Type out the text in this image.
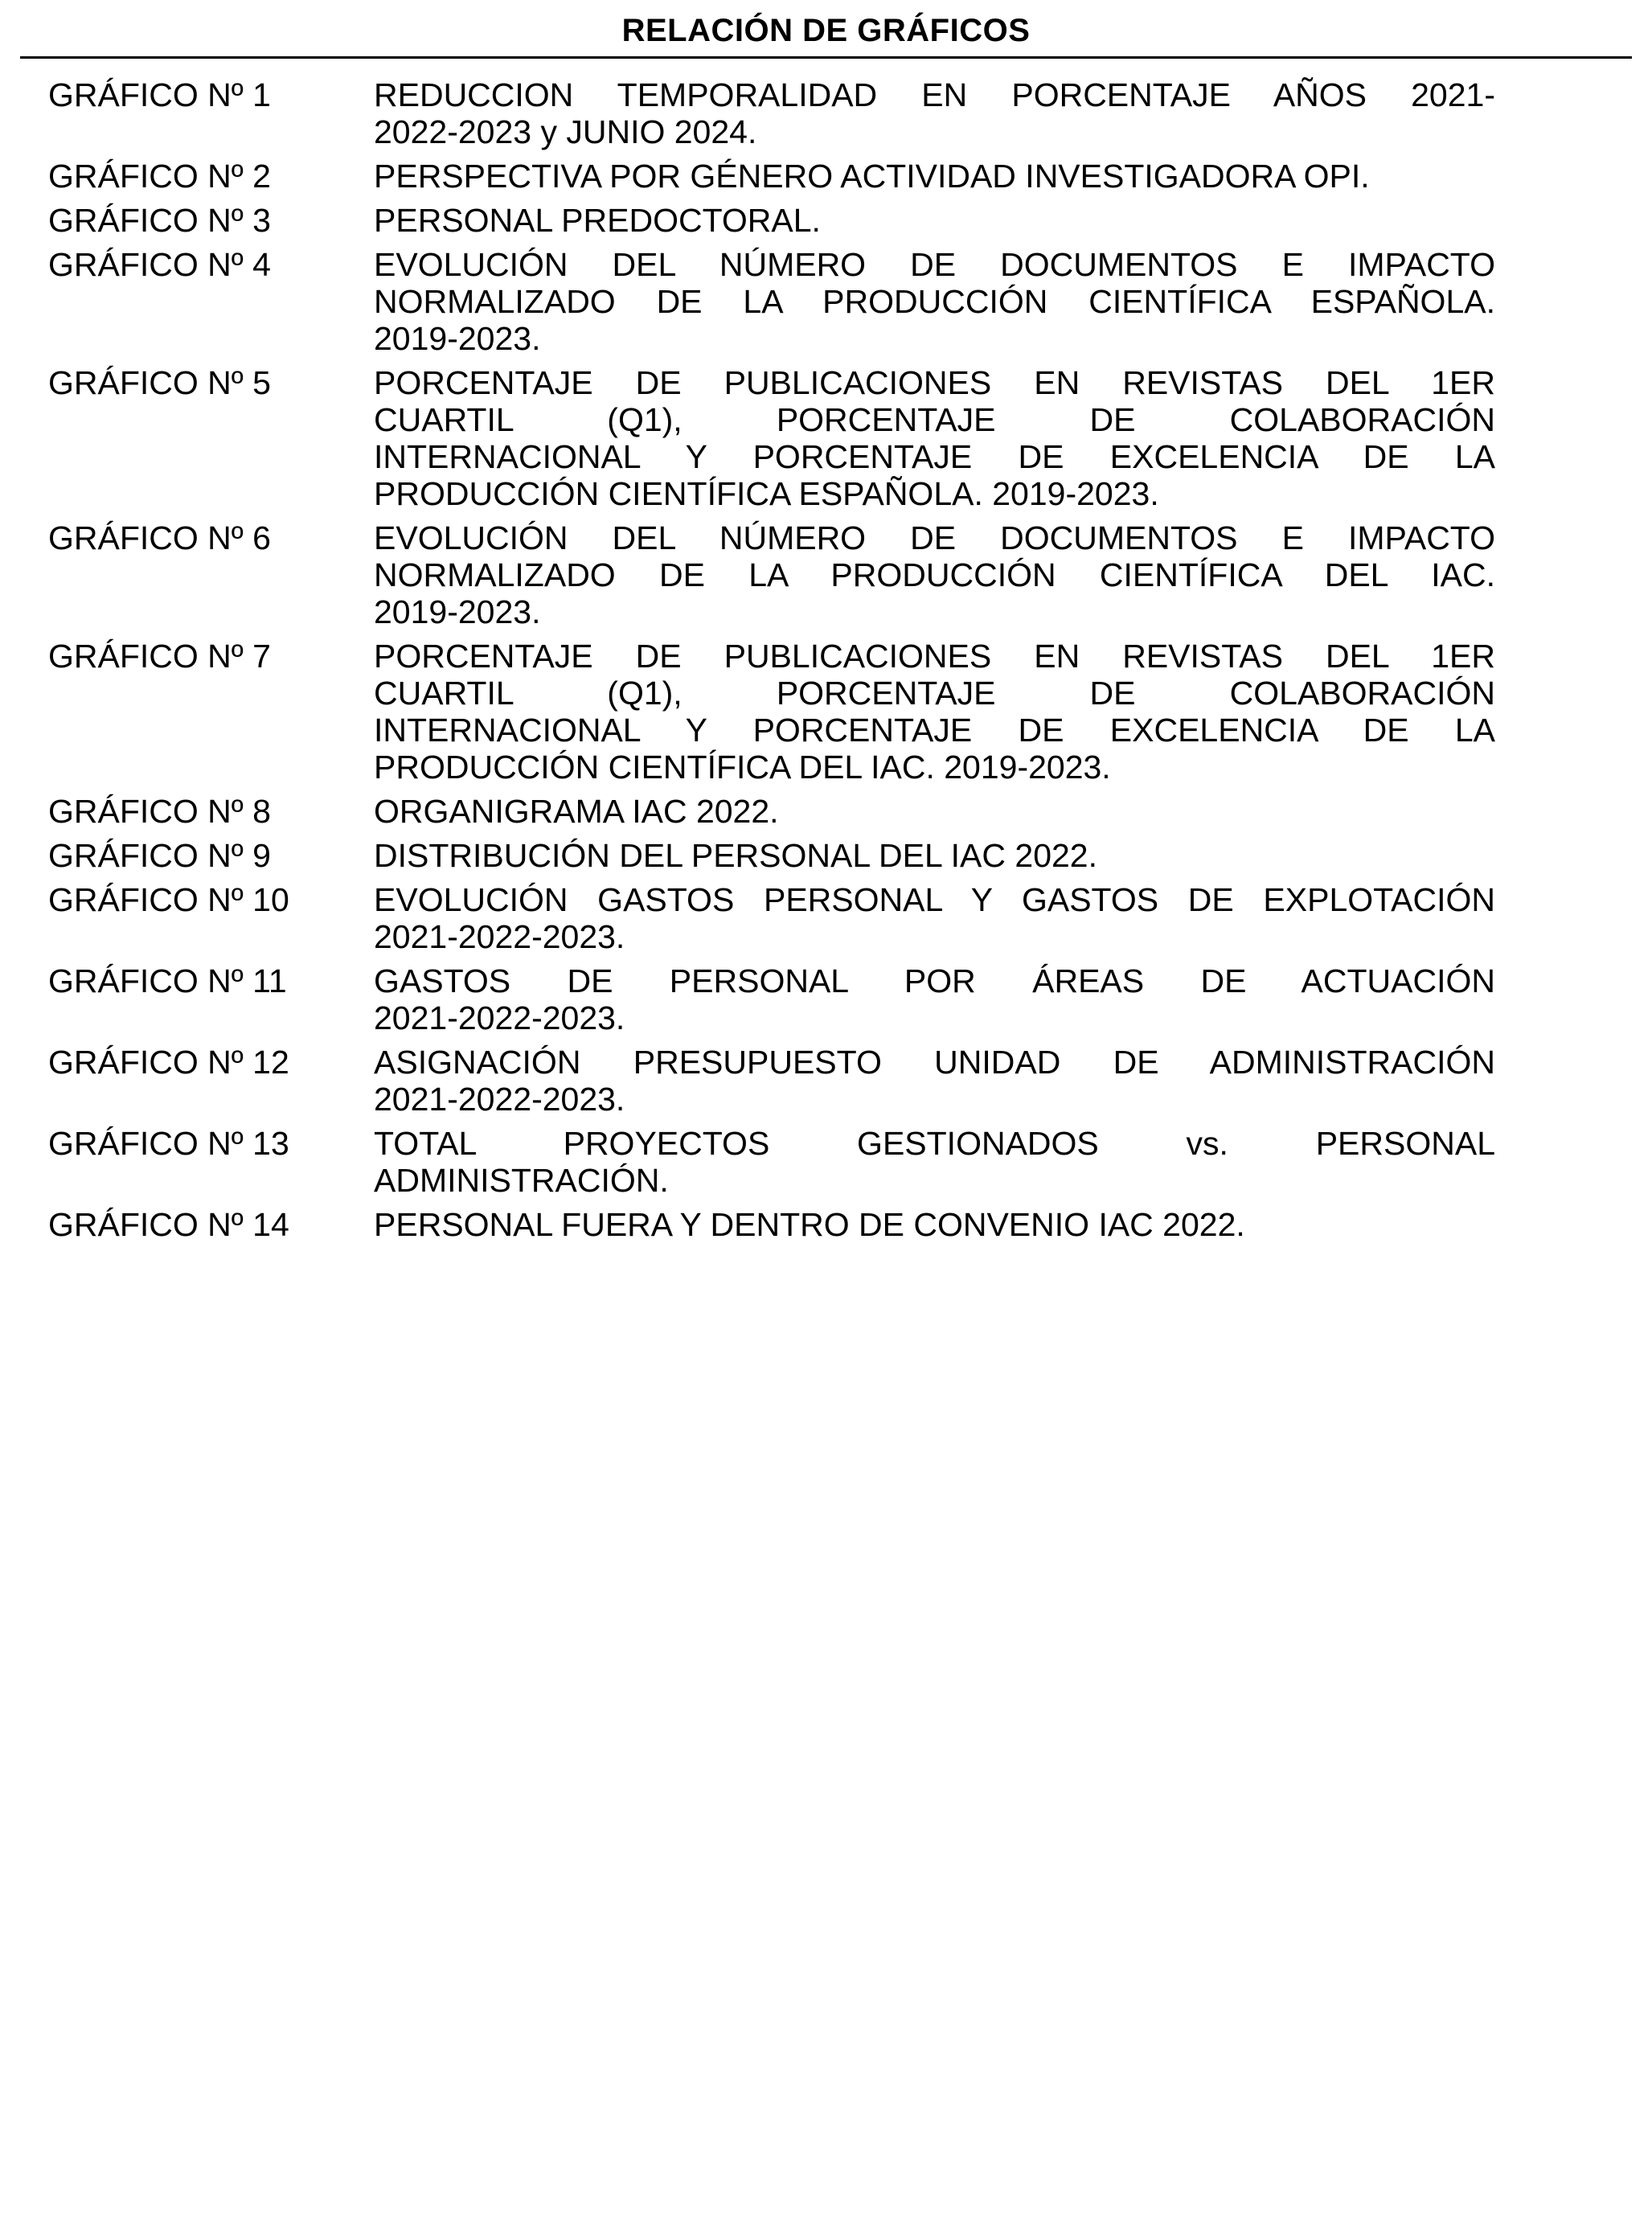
RELACIÓN DE GRÁFICOS
GRÁFICO Nº 1	REDUCCION TEMPORALIDAD EN PORCENTAJE AÑOS 2021-
2022-2023 y JUNIO 2024.
GRÁFICO Nº 2	PERSPECTIVA POR GÉNERO ACTIVIDAD INVESTIGADORA OPI.
GRÁFICO Nº 3	PERSONAL PREDOCTORAL.
GRÁFICO Nº 4	EVOLUCIÓN DEL NÚMERO DE DOCUMENTOS E IMPACTO
NORMALIZADO DE LA PRODUCCIÓN CIENTÍFICA ESPAÑOLA.
2019-2023.
GRÁFICO Nº 5	PORCENTAJE DE PUBLICACIONES EN REVISTAS DEL 1ER
CUARTIL (Q1), PORCENTAJE DE COLABORACIÓN
INTERNACIONAL Y PORCENTAJE DE EXCELENCIA DE LA
PRODUCCIÓN CIENTÍFICA ESPAÑOLA. 2019-2023.
GRÁFICO Nº 6	EVOLUCIÓN DEL NÚMERO DE DOCUMENTOS E IMPACTO
NORMALIZADO DE LA PRODUCCIÓN CIENTÍFICA DEL IAC.
2019-2023.
GRÁFICO Nº 7	PORCENTAJE DE PUBLICACIONES EN REVISTAS DEL 1ER
CUARTIL (Q1), PORCENTAJE DE COLABORACIÓN
INTERNACIONAL Y PORCENTAJE DE EXCELENCIA DE LA
PRODUCCIÓN CIENTÍFICA DEL IAC. 2019-2023.
GRÁFICO Nº 8	ORGANIGRAMA IAC 2022.
GRÁFICO Nº 9	DISTRIBUCIÓN DEL PERSONAL DEL IAC 2022.
GRÁFICO Nº 10	EVOLUCIÓN GASTOS PERSONAL Y GASTOS DE EXPLOTACIÓN
2021-2022-2023.
GRÁFICO Nº 11	GASTOS DE PERSONAL POR ÁREAS DE ACTUACIÓN
2021-2022-2023.
GRÁFICO Nº 12	ASIGNACIÓN PRESUPUESTO UNIDAD DE ADMINISTRACIÓN
2021-2022-2023.
GRÁFICO Nº 13	TOTAL PROYECTOS GESTIONADOS vs. PERSONAL
ADMINISTRACIÓN.
GRÁFICO Nº 14	PERSONAL FUERA Y DENTRO DE CONVENIO IAC 2022.
